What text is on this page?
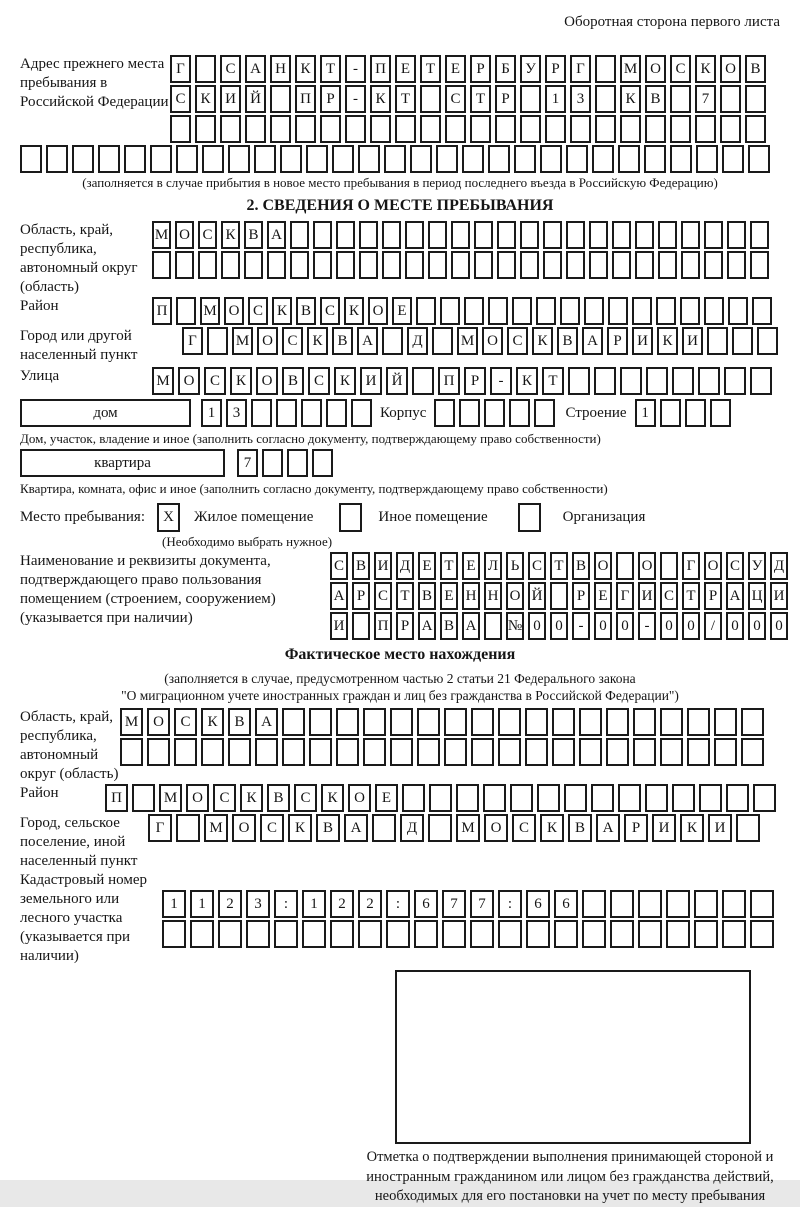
Оборотная сторона первого листа
Адрес прежнего места пребывания в Российской Федерации
Г	С А Н К	Т	-	П Е	Т	Е	Р	Б	У	Р	Г	М О С К О В
С К И Й	П	Р	-	К	Т	С	Т	Р	1	3	К В	7
(заполняется в случае прибытия в новое место пребывания в период последнего въезда в Российскую Федерацию)
2. СВЕДЕНИЯ О МЕСТЕ ПРЕБЫВАНИЯ
Область, край, республика, автономный округ (область)
М О С К В А
Район	П	М О С К В С К О Е
Город или другой населенный пункт
Г	М О С К В А	Д	М О С К В А	Р	И К И
Улица	М О	С	К	О	В	С	К	И	Й	П	Р	-	К	Т
дом	1	3	Корпус	Строение 1
Дом, участок, владение и иное (заполнить согласно документу, подтверждающему право собственности)
квартира	7
Квартира, комната, офис и иное (заполнить согласно документу, подтверждающему право собственности)
Место пребывания:	X	Жилое помещение	Иное помещение	Организация
(Необходимо выбрать нужное)
Наименование и реквизиты документа, подтверждающего право пользования помещением (строением, сооружением) (указывается при наличии)
С В И Д Е Т Е Л Ь С Т В О О	Г О С У Д
А Р С Т В Е Н Н О Й	Р Е Г И С Т Р А Ц И
И П Р А В А № 0 0	-	0 0	-	0 0	/	0 0 0
Фактическое место нахождения
(заполняется в случае, предусмотренном частью 2 статьи 21 Федерального закона
"О миграционном учете иностранных граждан и лиц без гражданства в Российской Федерации")
Область, край, республика, автономный округ (область)
М О	С	К	В	А
Район	П	М О	С	К	В	С	К	О	Е
Город, сельское поселение, иной населенный пункт
Г	М	О	С	К	В	А	Д	М	О	С	К	В	А	Р	И	К	И
Кадастровый номер земельного или лесного участка (указывается при наличии)
1	1	2	3	:	1	2	2	:	6	7	7	:	6	6
Отметка о подтверждении выполнения принимающей стороной и иностранным гражданином или лицом без гражданства действий, необходимых для его постановки на учет по месту пребывания
